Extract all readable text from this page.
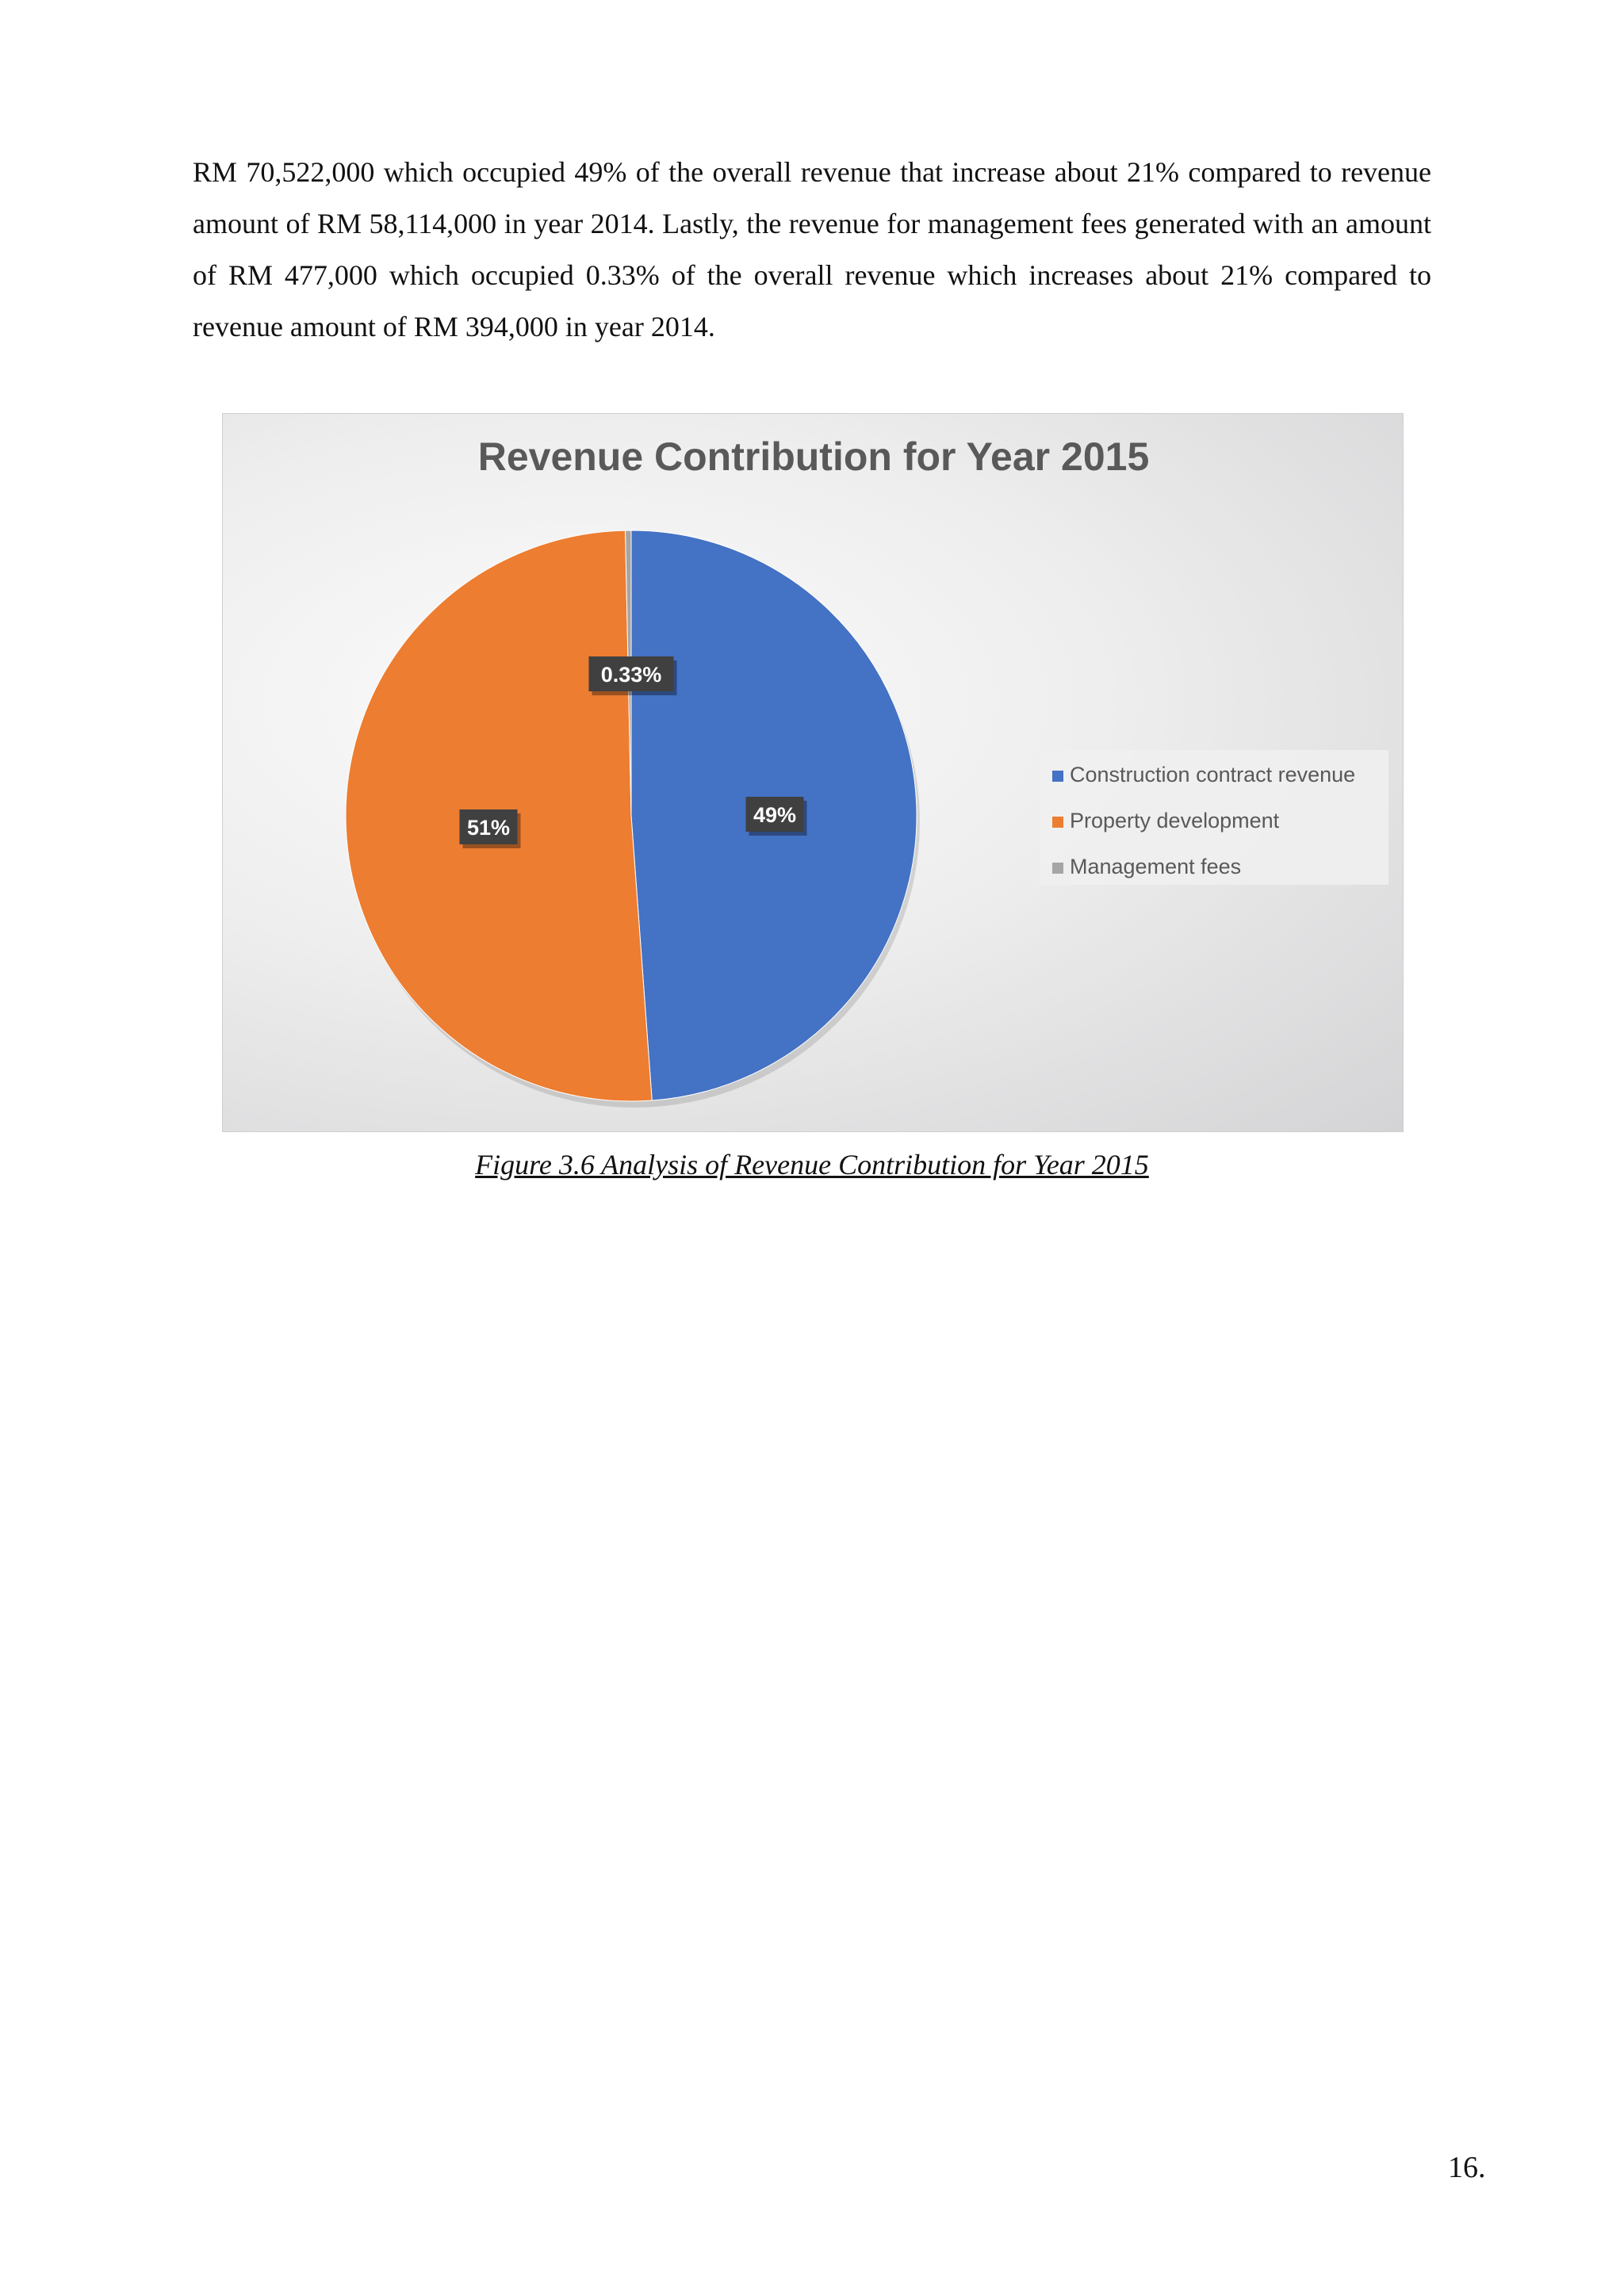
RM 70,522,000 which occupied 49% of the overall revenue that increase about 21% compared to revenue amount of RM 58,114,000 in year 2014. Lastly, the revenue for management fees generated with an amount of RM 477,000 which occupied 0.33% of the overall revenue which increases about 21% compared to revenue amount of RM 394,000 in year 2014.

Revenue Contribution for Year 2015
49%
51%
0.33%
Construction contract revenue
Property development
Management fees

Figure 3.6 Analysis of Revenue Contribution for Year 2015

16.
